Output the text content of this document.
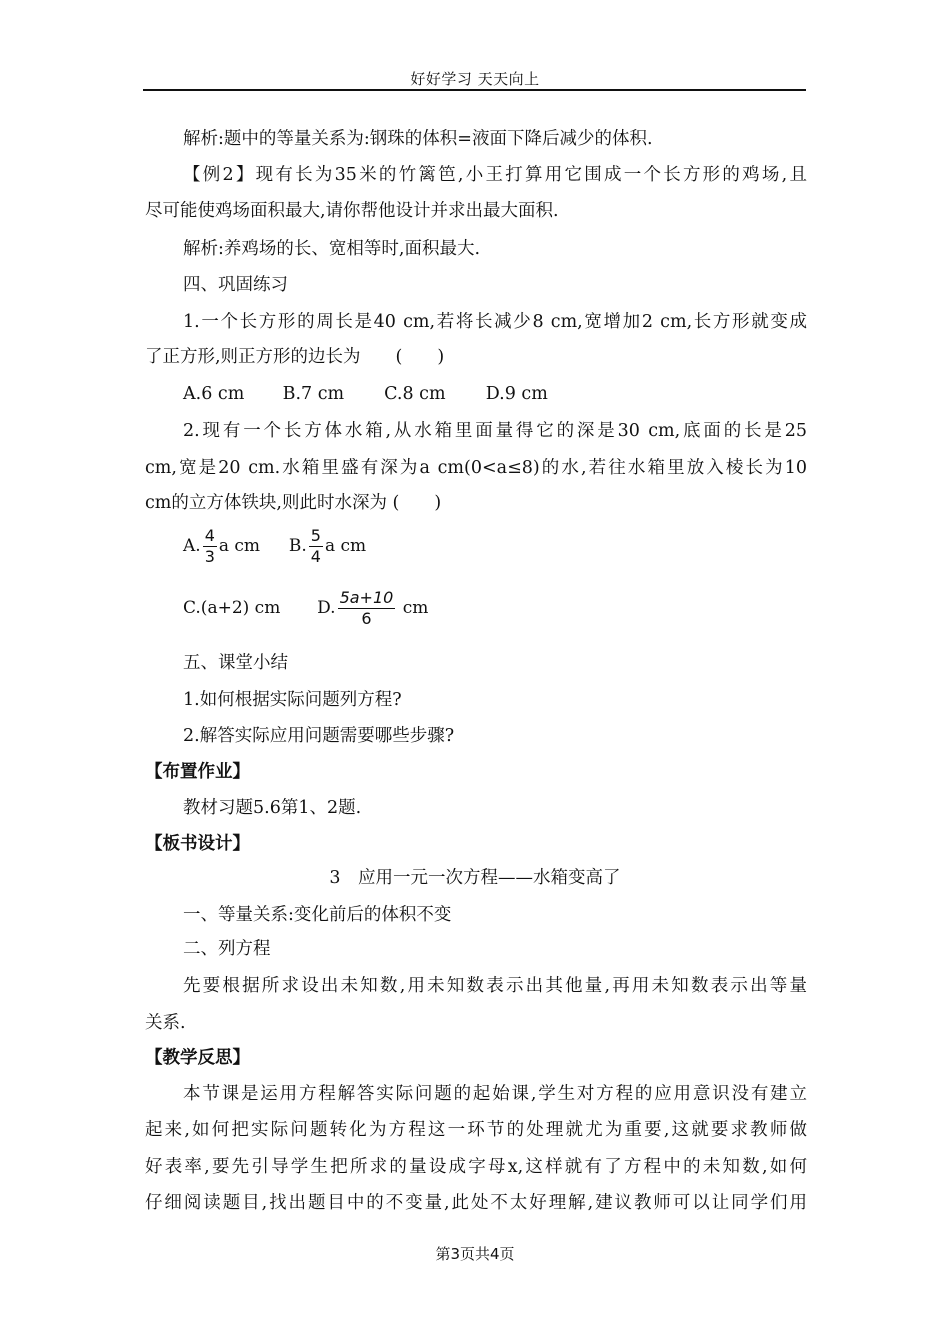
好好学习 天天向上
解析:题中的等量关系为:钢珠的体积=液面下降后减少的体积.
【例2】现有长为35米的竹篱笆,小王打算用它围成一个长方形的鸡场,且
尽可能使鸡场面积最大,请你帮他设计并求出最大面积.
解析:养鸡场的长、宽相等时,面积最大.
四、巩固练习
1.一个长方形的周长是40 cm,若将长减少8 cm,宽增加2 cm,长方形就变成
了正方形,则正方形的边长为　　(　　)
A.6 cm B.7 cm C.8 cm D.9 cm
2.现有一个长方体水箱,从水箱里面量得它的深是30 cm,底面的长是25
cm,宽是20 cm.水箱里盛有深为a cm(0<a≤8)的水,若往水箱里放入棱长为10
cm的立方体铁块,则此时水深为 (　　)
A. $\frac{4}{3}$ a cm B. $\frac{5}{4}$ a cm
C.(a+2) cm D. $\frac{5a+10}{6}$ cm
五、课堂小结
1.如何根据实际问题列方程?
2.解答实际应用问题需要哪些步骤?
【布置作业】
教材习题5.6第1、2题.
【板书设计】
3　应用一元一次方程——水箱变高了
一、等量关系:变化前后的体积不变
二、列方程
先要根据所求设出未知数,用未知数表示出其他量,再用未知数表示出等量
关系.
【教学反思】
本节课是运用方程解答实际问题的起始课,学生对方程的应用意识没有建立
起来,如何把实际问题转化为方程这一环节的处理就尤为重要,这就要求教师做
好表率,要先引导学生把所求的量设成字母x,这样就有了方程中的未知数,如何
仔细阅读题目,找出题目中的不变量,此处不太好理解,建议教师可以让同学们用
第3页共4页
